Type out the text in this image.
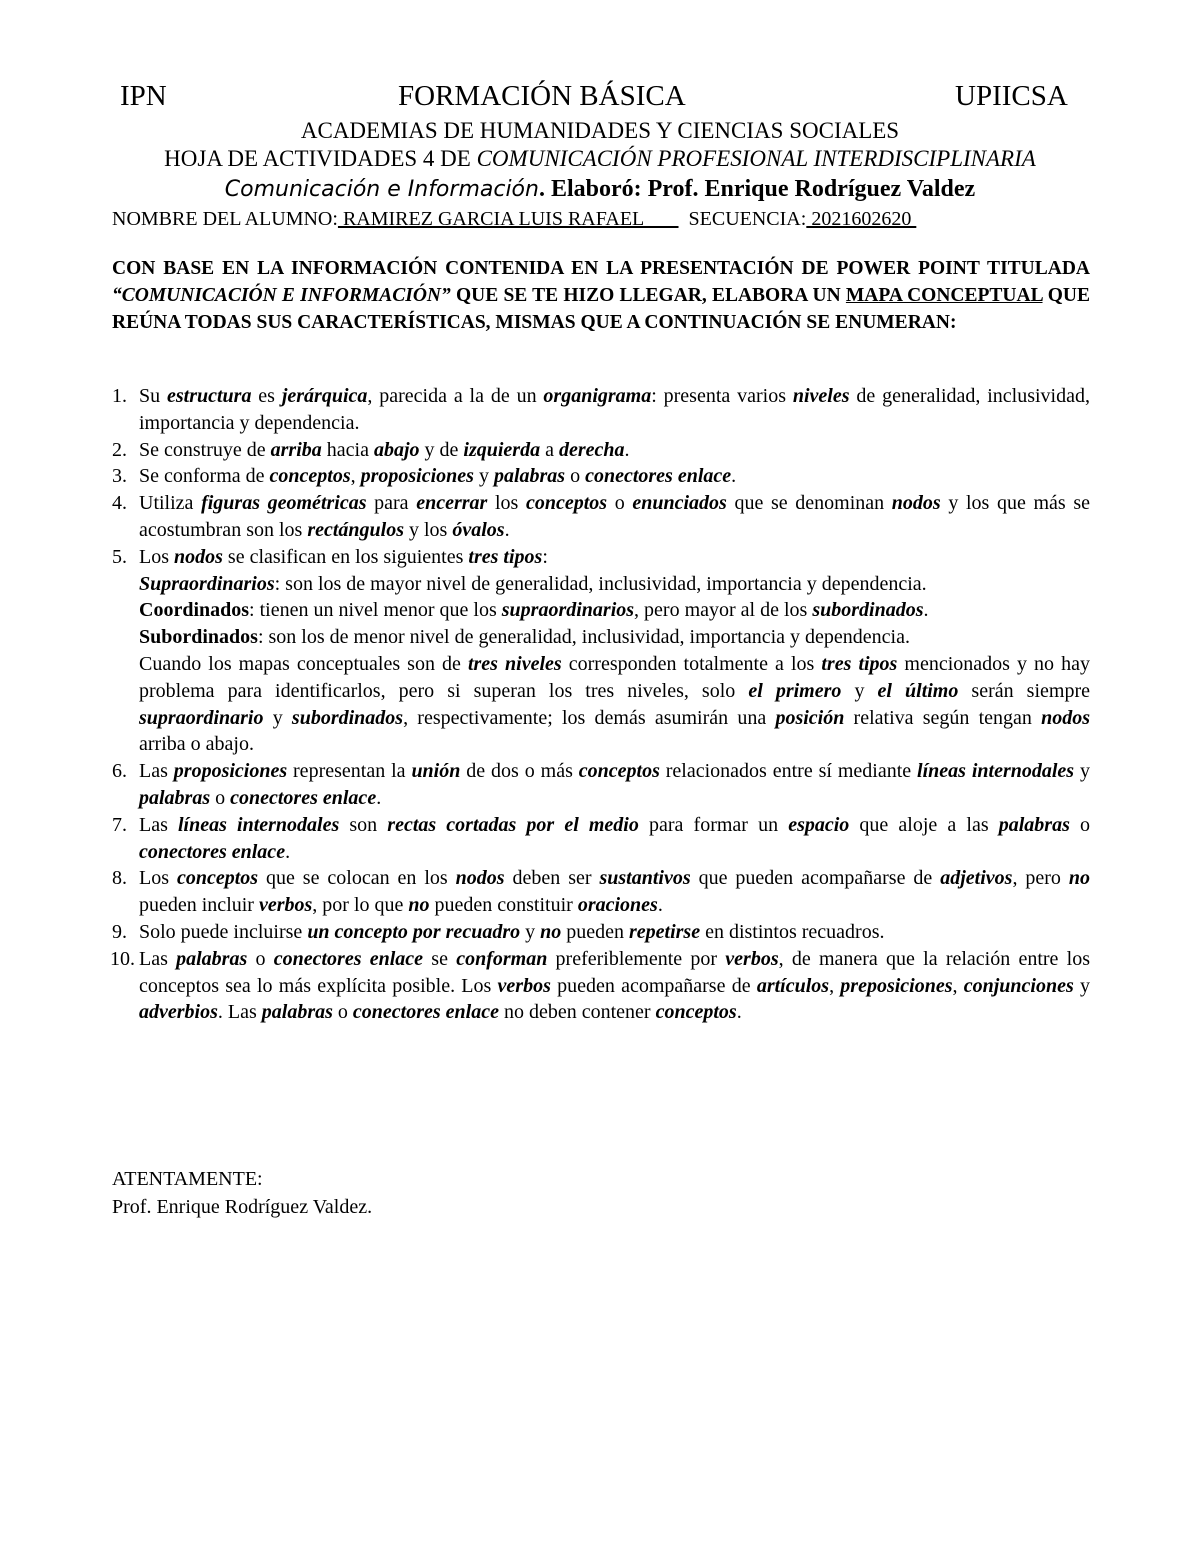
IPN	FORMACIÓN BÁSICA	UPIICSA
ACADEMIAS DE HUMANIDADES Y CIENCIAS SOCIALES
HOJA DE ACTIVIDADES 4 DE COMUNICACIÓN PROFESIONAL INTERDISCIPLINARIA
Comunicación e Información. Elaboró: Prof. Enrique Rodríguez Valdez
NOMBRE DEL ALUMNO: RAMIREZ GARCIA LUIS RAFAEL         SECUENCIA: 2021602620
CON BASE EN LA INFORMACIÓN CONTENIDA EN LA PRESENTACIÓN DE POWER POINT TITULADA “COMUNICACIÓN E INFORMACIÓN” QUE SE TE HIZO LLEGAR, ELABORA UN MAPA CONCEPTUAL QUE REÚNA TODAS SUS CARACTERÍSTICAS, MISMAS QUE A CONTINUACIÓN SE ENUMERAN:
1. Su estructura es jerárquica, parecida a la de un organigrama: presenta varios niveles de generalidad, inclusividad, importancia y dependencia.
2. Se construye de arriba hacia abajo y de izquierda a derecha.
3. Se conforma de conceptos, proposiciones y palabras o conectores enlace.
4. Utiliza figuras geométricas para encerrar los conceptos o enunciados que se denominan nodos y los que más se acostumbran son los rectángulos y los óvalos.
5. Los nodos se clasifican en los siguientes tres tipos:
Supraordinarios: son los de mayor nivel de generalidad, inclusividad, importancia y dependencia.
Coordinados: tienen un nivel menor que los supraordinarios, pero mayor al de los subordinados.
Subordinados: son los de menor nivel de generalidad, inclusividad, importancia y dependencia.
Cuando los mapas conceptuales son de tres niveles corresponden totalmente a los tres tipos mencionados y no hay problema para identificarlos, pero si superan los tres niveles, solo el primero y el último serán siempre supraordinario y subordinados, respectivamente; los demás asumirán una posición relativa según tengan nodos arriba o abajo.
6. Las proposiciones representan la unión de dos o más conceptos relacionados entre sí mediante líneas internodales y palabras o conectores enlace.
7. Las líneas internodales son rectas cortadas por el medio para formar un espacio que aloje a las palabras o conectores enlace.
8. Los conceptos que se colocan en los nodos deben ser sustantivos que pueden acompañarse de adjetivos, pero no pueden incluir verbos, por lo que no pueden constituir oraciones.
9. Solo puede incluirse un concepto por recuadro y no pueden repetirse en distintos recuadros.
10. Las palabras o conectores enlace se conforman preferiblemente por verbos, de manera que la relación entre los conceptos sea lo más explícita posible. Los verbos pueden acompañarse de artículos, preposiciones, conjunciones y adverbios. Las palabras o conectores enlace no deben contener conceptos.
ATENTAMENTE:
Prof. Enrique Rodríguez Valdez.
